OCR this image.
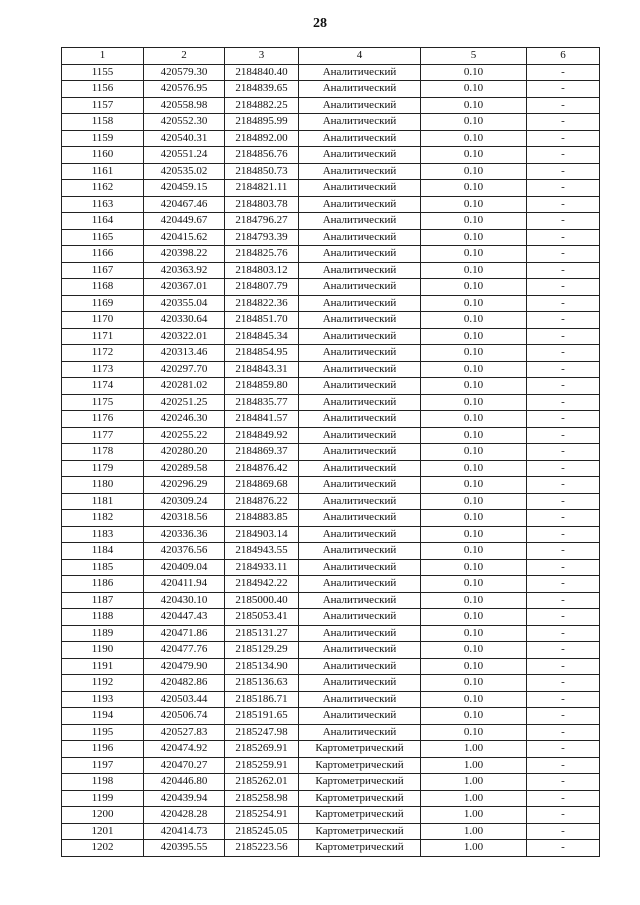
28
1	2	3	4	5	6
1155	420579.30	2184840.40	Аналитический	0.10	-
1156	420576.95	2184839.65	Аналитический	0.10	-
1157	420558.98	2184882.25	Аналитический	0.10	-
1158	420552.30	2184895.99	Аналитический	0.10	-
1159	420540.31	2184892.00	Аналитический	0.10	-
1160	420551.24	2184856.76	Аналитический	0.10	-
1161	420535.02	2184850.73	Аналитический	0.10	-
1162	420459.15	2184821.11	Аналитический	0.10	-
1163	420467.46	2184803.78	Аналитический	0.10	-
1164	420449.67	2184796.27	Аналитический	0.10	-
1165	420415.62	2184793.39	Аналитический	0.10	-
1166	420398.22	2184825.76	Аналитический	0.10	-
1167	420363.92	2184803.12	Аналитический	0.10	-
1168	420367.01	2184807.79	Аналитический	0.10	-
1169	420355.04	2184822.36	Аналитический	0.10	-
1170	420330.64	2184851.70	Аналитический	0.10	-
1171	420322.01	2184845.34	Аналитический	0.10	-
1172	420313.46	2184854.95	Аналитический	0.10	-
1173	420297.70	2184843.31	Аналитический	0.10	-
1174	420281.02	2184859.80	Аналитический	0.10	-
1175	420251.25	2184835.77	Аналитический	0.10	-
1176	420246.30	2184841.57	Аналитический	0.10	-
1177	420255.22	2184849.92	Аналитический	0.10	-
1178	420280.20	2184869.37	Аналитический	0.10	-
1179	420289.58	2184876.42	Аналитический	0.10	-
1180	420296.29	2184869.68	Аналитический	0.10	-
1181	420309.24	2184876.22	Аналитический	0.10	-
1182	420318.56	2184883.85	Аналитический	0.10	-
1183	420336.36	2184903.14	Аналитический	0.10	-
1184	420376.56	2184943.55	Аналитический	0.10	-
1185	420409.04	2184933.11	Аналитический	0.10	-
1186	420411.94	2184942.22	Аналитический	0.10	-
1187	420430.10	2185000.40	Аналитический	0.10	-
1188	420447.43	2185053.41	Аналитический	0.10	-
1189	420471.86	2185131.27	Аналитический	0.10	-
1190	420477.76	2185129.29	Аналитический	0.10	-
1191	420479.90	2185134.90	Аналитический	0.10	-
1192	420482.86	2185136.63	Аналитический	0.10	-
1193	420503.44	2185186.71	Аналитический	0.10	-
1194	420506.74	2185191.65	Аналитический	0.10	-
1195	420527.83	2185247.98	Аналитический	0.10	-
1196	420474.92	2185269.91	Картометрический	1.00	-
1197	420470.27	2185259.91	Картометрический	1.00	-
1198	420446.80	2185262.01	Картометрический	1.00	-
1199	420439.94	2185258.98	Картометрический	1.00	-
1200	420428.28	2185254.91	Картометрический	1.00	-
1201	420414.73	2185245.05	Картометрический	1.00	-
1202	420395.55	2185223.56	Картометрический	1.00	-
